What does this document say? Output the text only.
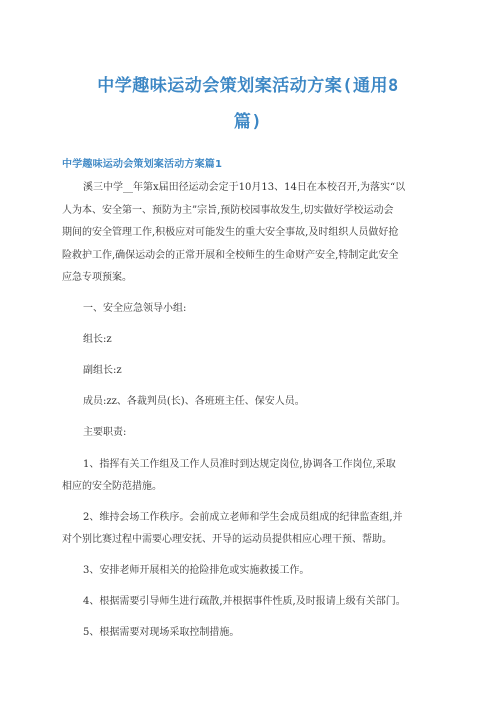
中学趣味运动会策划案活动方案(通用8
篇)
中学趣味运动会策划案活动方案篇1
溪三中学__年第x届田径运动会定于10月13、14日在本校召开,为落实“以
人为本、安全第一、预防为主”宗旨,预防校园事故发生,切实做好学校运动会
期间的安全管理工作,积极应对可能发生的重大安全事故,及时组织人员做好抢
险救护工作,确保运动会的正常开展和全校师生的生命财产安全,特制定此安全
应急专项预案。
一、安全应急领导小组:
组长:z
副组长:z
成员:zz、各裁判员(长)、各班班主任、保安人员。
主要职责:
1、指挥有关工作组及工作人员准时到达规定岗位,协调各工作岗位,采取
相应的安全防范措施。
2、维持会场工作秩序。会前成立老师和学生会成员组成的纪律监查组,并
对个别比赛过程中需要心理安抚、开导的运动员提供相应心理干预、帮助。
3、安排老师开展相关的抢险排危或实施救援工作。
4、根据需要引导师生进行疏散,并根据事件性质,及时报请上级有关部门。
5、根据需要对现场采取控制措施。
